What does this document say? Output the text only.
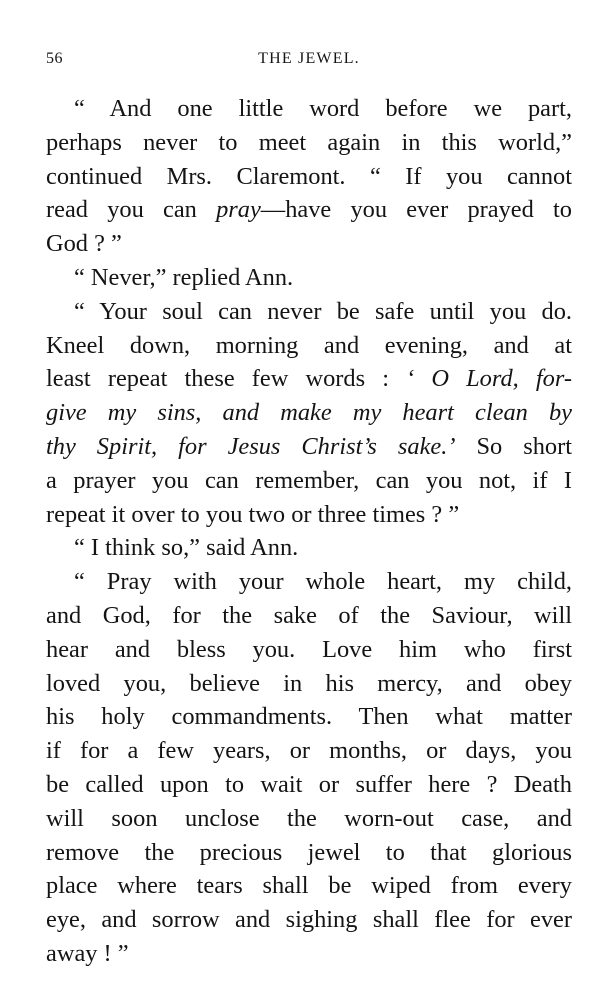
56	THE JEWEL.
“ And one little word before we part,
perhaps never to meet again in this world,”
continued Mrs. Claremont. “ If you cannot
read you can pray—have you ever prayed to
God ? ”
“ Never,” replied Ann.
“ Your soul can never be safe until you do.
Kneel down, morning and evening, and at
least repeat these few words : ‘ O Lord, for-
give my sins, and make my heart clean by
thy Spirit, for Jesus Christ’s sake.’ So short
a prayer you can remember, can you not, if I
repeat it over to you two or three times ? ”
“ I think so,” said Ann.
“ Pray with your whole heart, my child,
and God, for the sake of the Saviour, will
hear and bless you. Love him who first
loved you, believe in his mercy, and obey
his holy commandments. Then what matter
if for a few years, or months, or days, you
be called upon to wait or suffer here ? Death
will soon unclose the worn-out case, and
remove the precious jewel to that glorious
place where tears shall be wiped from every
eye, and sorrow and sighing shall flee for ever
away ! ”
